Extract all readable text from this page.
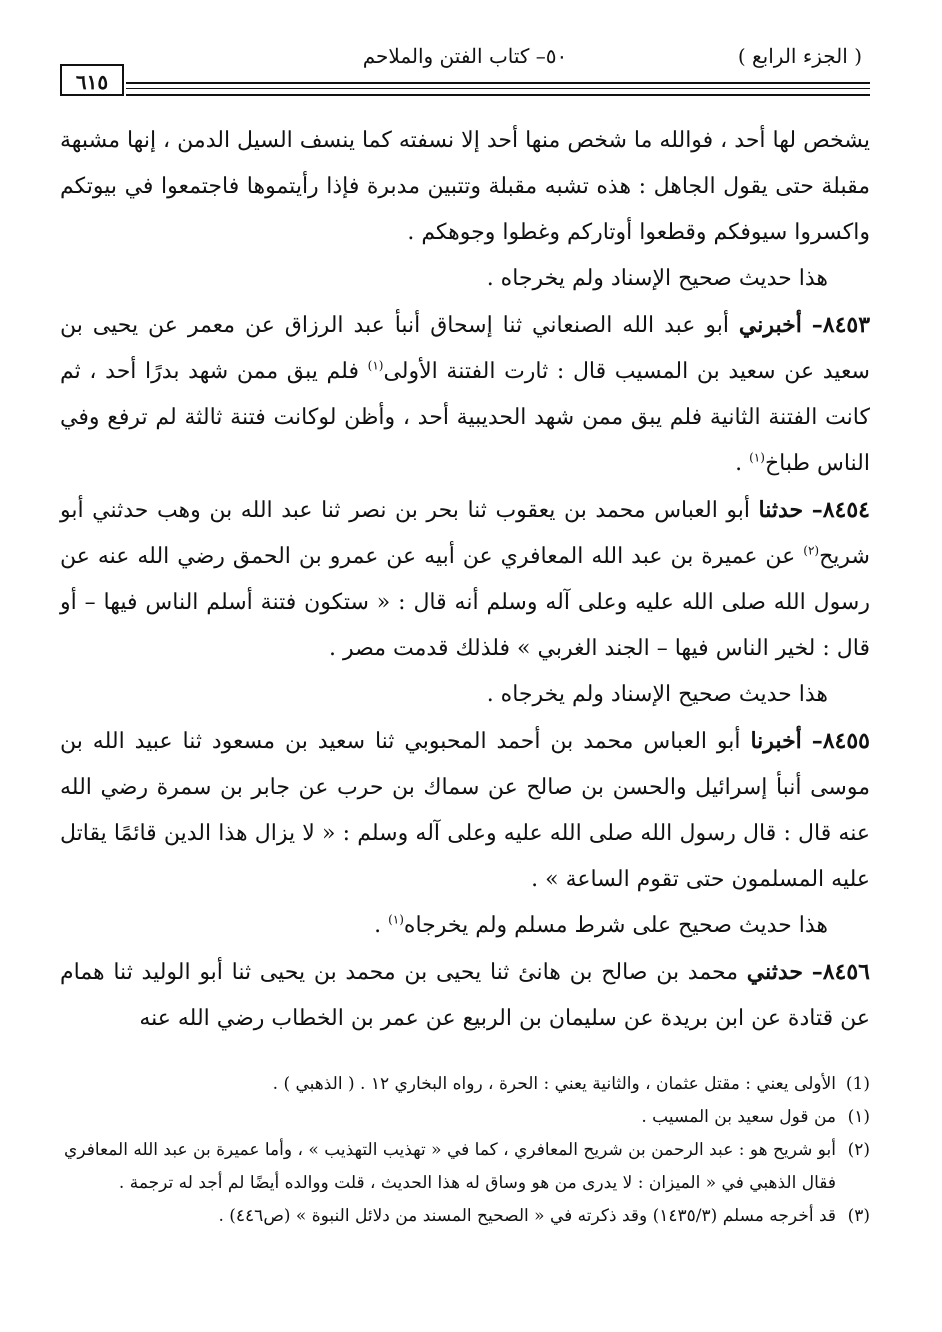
( الجزء الرابع )
٥٠– كتاب الفتن والملاحم
٦١٥

يشخص لها أحد ، فوالله ما شخص منها أحد إلا نسفته كما ينسف السيل الدمن ، إنها مشبهة مقبلة حتى يقول الجاهل : هذه تشبه مقبلة وتتبين مدبرة فإذا رأيتموها فاجتمعوا في بيوتكم واكسروا سيوفكم وقطعوا أوتاركم وغطوا وجوهكم .

هذا حديث صحيح الإسناد ولم يخرجاه .

٨٤٥٣– أخبرني أبو عبد الله الصنعاني ثنا إسحاق أنبأ عبد الرزاق عن معمر عن يحيى بن سعيد عن سعيد بن المسيب قال : ثارت الفتنة الأولى$^{(١)}$ فلم يبق ممن شهد بدرًا أحد ، ثم كانت الفتنة الثانية فلم يبق ممن شهد الحديبية أحد ، وأظن لوكانت فتنة ثالثة لم ترفع وفي الناس طباخ$^{(١)}$ .

٨٤٥٤– حدثنا أبو العباس محمد بن يعقوب ثنا بحر بن نصر ثنا عبد الله بن وهب حدثني أبو شريح$^{(٢)}$ عن عميرة بن عبد الله المعافري عن أبيه عن عمرو بن الحمق رضي الله عنه عن رسول الله صلى الله عليه وعلى آله وسلم أنه قال : « ستكون فتنة أسلم الناس فيها – أو قال : لخير الناس فيها – الجند الغربي » فلذلك قدمت مصر .

هذا حديث صحيح الإسناد ولم يخرجاه .

٨٤٥٥– أخبرنا أبو العباس محمد بن أحمد المحبوبي ثنا سعيد بن مسعود ثنا عبيد الله بن موسى أنبأ إسرائيل والحسن بن صالح عن سماك بن حرب عن جابر بن سمرة رضي الله عنه قال : قال رسول الله صلى الله عليه وعلى آله وسلم : « لا يزال هذا الدين قائمًا يقاتل عليه المسلمون حتى تقوم الساعة » .

هذا حديث صحيح على شرط مسلم ولم يخرجاه$^{(١)}$ .

٨٤٥٦– حدثني محمد بن صالح بن هانئ ثنا يحيى بن محمد بن يحيى ثنا أبو الوليد ثنا همام عن قتادة عن ابن بريدة عن سليمان بن الربيع عن عمر بن الخطاب رضي الله عنه

(1)
الأولى يعني : مقتل عثمان ، والثانية يعني : الحرة ، رواه البخاري ١٢ . ( الذهبي ) .

(١)
من قول سعيد بن المسيب .

(٢)
أبو شريح هو : عبد الرحمن بن شريح المعافري ، كما في « تهذيب التهذيب » ، وأما عميرة بن عبد الله المعافري فقال الذهبي في « الميزان : لا يدرى من هو وساق له هذا الحديث ، قلت ووالده أيضًا لم أجد له ترجمة .

(٣)
قد أخرجه مسلم (١٤٣٥/٣) وقد ذكرته في « الصحيح المسند من دلائل النبوة » (ص٤٤٦) .
